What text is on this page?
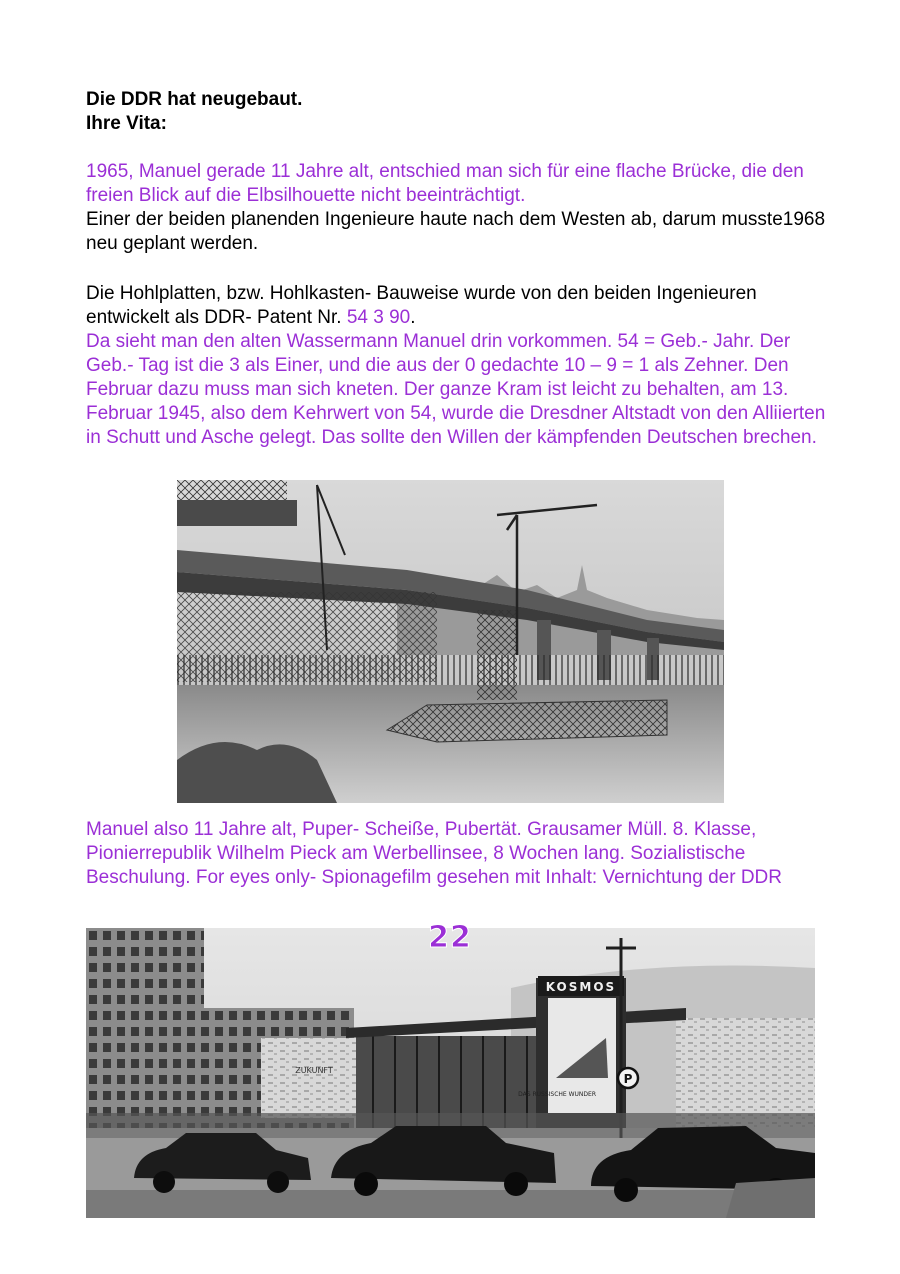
Die DDR hat neugebaut.
Ihre Vita:
1965, Manuel gerade 11 Jahre alt, entschied man sich für eine flache Brücke, die den freien Blick auf die Elbsilhouette nicht beeinträchtigt.
Einer der beiden planenden Ingenieure haute nach dem Westen ab, darum musste1968 neu geplant werden.
Die Hohlplatten, bzw. Hohlkasten- Bauweise wurde von den beiden Ingenieuren entwickelt als DDR- Patent Nr. 54 3 90.
Da sieht man den alten Wassermann Manuel drin vorkommen. 54 = Geb.- Jahr. Der Geb.- Tag ist die 3 als Einer, und die aus der 0 gedachte 10 – 9 = 1 als Zehner. Den Februar dazu muss man sich kneten. Der ganze Kram ist leicht zu behalten, am 13. Februar 1945, also dem Kehrwert von 54, wurde die Dresdner Altstadt von den Alliierten in Schutt und Asche gelegt. Das sollte den Willen der kämpfenden Deutschen brechen.
Manuel also 11 Jahre alt, Puper- Scheiße, Pubertät. Grausamer Müll. 8. Klasse, Pionierrepublik Wilhelm Pieck am Werbellinsee, 8 Wochen lang. Sozialistische Beschulung. For eyes only- Spionagefilm gesehen mit Inhalt: Vernichtung der DDR
KOSMOS
DAS RUSSISCHE WUNDER
ZUKUNFT
P
22
